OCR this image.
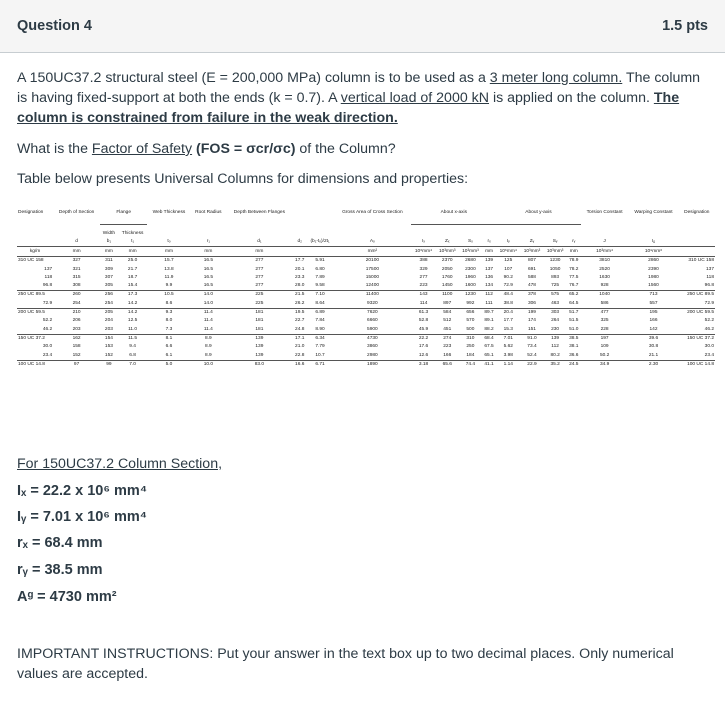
Question 4	1.5 pts

A 150UC37.2 structural steel (E = 200,000 MPa) column is to be used as a 3 meter long column. The column is having fixed-support at both the ends (k = 0.7). A vertical load of 2000 kN is applied on the column. The column is constrained from failure in the weak direction.

What is the Factor of Safety (FOS = σcr/σc) of the Column?

Table below presents Universal Columns for dimensions and properties:

Designation	Depth of Section	Flange		Web Thickness	Root Radius	Depth Between Flanges			Gross Area of Cross Section	About x-axis				About y-axis				Torsion Constant	Warping Constant	Designation
		Width	Thickness																	
	d	b₁	t₁	tₒ	r₁	d₁	d₂	(b₁-tₒ)/2t₁	Aₒ	Iₓ	Zₓ	Sₓ	rₓ	Iᵧ	Zᵧ	Sᵧ	rᵧ	J	Iᵨ	
kg/m	mm	mm	mm	mm	mm	mm			mm²	10⁶mm⁴	10³mm³	10³mm³	mm	10⁶mm⁴	10³mm³	10³mm³	mm	10³mm⁴	10⁹mm⁶	
310 UC 158	327	311	25.0	15.7	16.5	277	17.7	5.91	20100	388	2370	2680	139	125	807	1230	78.9	3810	2860	310 UC 158
137	321	309	21.7	13.8	16.5	277	20.1	6.80	17500	329	2050	2300	137	107	691	1050	78.2	2520	2390	137
118	315	307	18.7	11.9	16.5	277	23.3	7.89	15000	277	1760	1960	136	90.2	588	893	77.5	1630	1980	118
96.8	308	305	15.4	9.9	16.5	277	28.0	9.58	12400	223	1450	1600	134	72.9	478	725	76.7	928	1560	96.8
250 UC 89.5	260	256	17.3	10.5	14.0	225	21.5	7.10	11400	143	1100	1230	112	48.4	378	575	65.2	1040	713	250 UC 89.5
72.9	254	254	14.2	8.6	14.0	225	26.2	8.64	9320	114	897	992	111	38.8	306	463	64.5	586	557	72.9
200 UC 59.5	210	205	14.2	9.3	11.4	181	19.5	6.89	7620	61.3	584	656	89.7	20.4	199	303	51.7	477	195	200 UC 59.5
52.2	206	204	12.5	8.0	11.4	181	22.7	7.84	6660	52.8	512	570	89.1	17.7	174	264	51.5	325	166	52.2
46.2	203	203	11.0	7.3	11.4	181	24.8	8.90	5900	45.9	451	500	88.2	15.3	151	230	51.0	228	142	46.2
150 UC 37.2	162	154	11.5	8.1	8.9	139	17.1	6.34	4730	22.2	274	310	68.4	7.01	91.0	139	38.5	197	39.6	150 UC 37.2
30.0	158	153	9.4	6.6	8.9	139	21.0	7.79	3860	17.6	223	250	67.5	5.62	73.4	112	38.1	109	30.8	30.0
23.4	152	152	6.8	6.1	8.9	139	22.8	10.7	2980	12.6	166	184	65.1	3.98	52.4	80.2	36.6	50.2	21.1	23.4
100 UC 14.8	97	99	7.0	5.0	10.0	83.0	16.6	6.71	1890	3.18	65.6	74.4	41.1	1.14	22.9	35.2	24.5	34.9	2.30	100 UC 14.8

For 150UC37.2 Column Section,

Iₓ = 22.2 x 10⁶ mm⁴

Iᵧ = 7.01 x 10⁶ mm⁴

rₓ = 68.4 mm

rᵧ = 38.5 mm

Aᵍ = 4730 mm²

IMPORTANT INSTRUCTIONS: Put your answer in the text box up to two decimal places. Only numerical values are accepted.
